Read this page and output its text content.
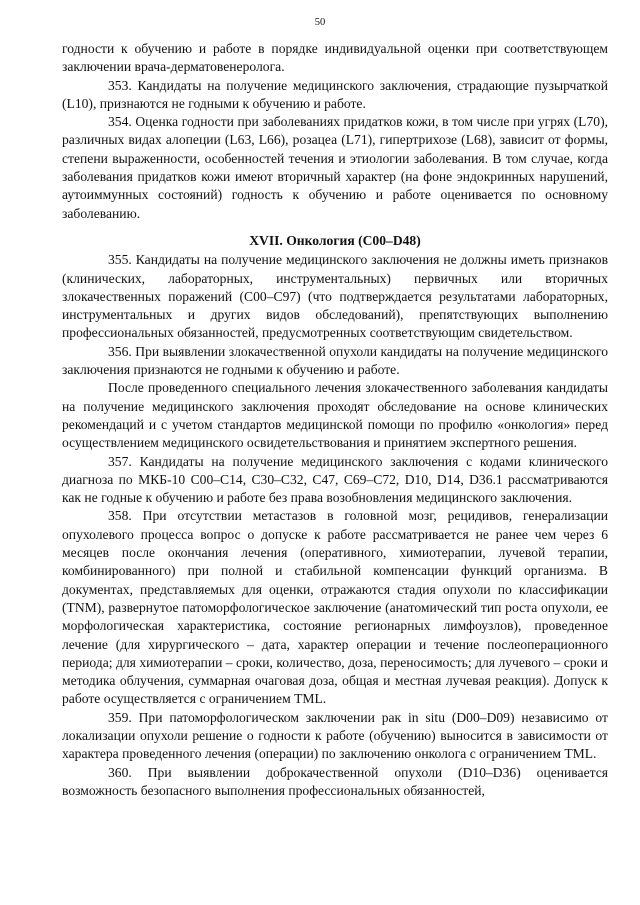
50

годности к обучению и работе в порядке индивидуальной оценки при соответствующем заключении врача-дерматовенеролога.

353. Кандидаты на получение медицинского заключения, страдающие пузырчаткой (L10), признаются не годными к обучению и работе.

354. Оценка годности при заболеваниях придатков кожи, в том числе при угрях (L70), различных видах алопеции (L63, L66), розацеа (L71), гипертрихозе (L68), зависит от формы, степени выраженности, особенностей течения и этиологии заболевания. В том случае, когда заболевания придатков кожи имеют вторичный характер (на фоне эндокринных нарушений, аутоиммунных состояний) годность к обучению и работе оценивается по основному заболеванию.

XVII. Онкология (C00–D48)

355. Кандидаты на получение медицинского заключения не должны иметь признаков (клинических, лабораторных, инструментальных) первичных или вторичных злокачественных поражений (C00–C97) (что подтверждается результатами лабораторных, инструментальных и других видов обследований), препятствующих выполнению профессиональных обязанностей, предусмотренных соответствующим свидетельством.

356. При выявлении злокачественной опухоли кандидаты на получение медицинского заключения признаются не годными к обучению и работе.

После проведенного специального лечения злокачественного заболевания кандидаты на получение медицинского заключения проходят обследование на основе клинических рекомендаций и с учетом стандартов медицинской помощи по профилю «онкология» перед осуществлением медицинского освидетельствования и принятием экспертного решения.

357. Кандидаты на получение медицинского заключения с кодами клинического диагноза по МКБ-10 C00–C14, C30–C32, C47, C69–C72, D10, D14, D36.1 рассматриваются как не годные к обучению и работе без права возобновления медицинского заключения.

358. При отсутствии метастазов в головной мозг, рецидивов, генерализации опухолевого процесса вопрос о допуске к работе рассматривается не ранее чем через 6 месяцев после окончания лечения (оперативного, химиотерапии, лучевой терапии, комбинированного) при полной и стабильной компенсации функций организма. В документах, представляемых для оценки, отражаются стадия опухоли по классификации (TNM), развернутое патоморфологическое заключение (анатомический тип роста опухоли, ее морфологическая характеристика, состояние регионарных лимфоузлов), проведенное лечение (для хирургического – дата, характер операции и течение послеоперационного периода; для химиотерапии – сроки, количество, доза, переносимость; для лучевого – сроки и методика облучения, суммарная очаговая доза, общая и местная лучевая реакция). Допуск к работе осуществляется с ограничением TML.

359. При патоморфологическом заключении рак in situ (D00–D09) независимо от локализации опухоли решение о годности к работе (обучению) выносится в зависимости от характера проведенного лечения (операции) по заключению онколога с ограничением TML.

360. При выявлении доброкачественной опухоли (D10–D36) оценивается возможность безопасного выполнения профессиональных обязанностей,
